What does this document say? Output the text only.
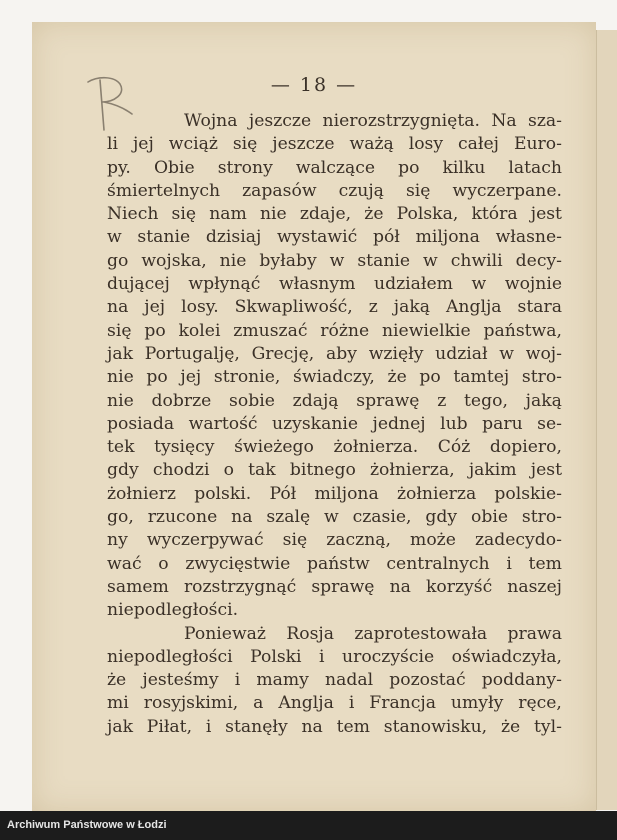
— 18 —
Wojna jeszcze nierozstrzygnięta. Na sza-
li jej wciąż się jeszcze ważą losy całej Euro-
py. Obie strony walczące po kilku latach
śmiertelnych zapasów czują się wyczerpane.
Niech się nam nie zdaje, że Polska, która jest
w stanie dzisiaj wystawić pół miljona własne-
go wojska, nie byłaby w stanie w chwili decy-
dującej wpłynąć własnym udziałem w wojnie
na jej losy. Skwapliwość, z jaką Anglja stara
się po kolei zmuszać różne niewielkie państwa,
jak Portugalję, Grecję, aby wzięły udział w woj-
nie po jej stronie, świadczy, że po tamtej stro-
nie dobrze sobie zdają sprawę z tego, jaką
posiada wartość uzyskanie jednej lub paru se-
tek tysięcy świeżego żołnierza. Cóż dopiero,
gdy chodzi o tak bitnego żołnierza, jakim jest
żołnierz polski. Pół miljona żołnierza polskie-
go, rzucone na szalę w czasie, gdy obie stro-
ny wyczerpywać się zaczną, może zadecydo-
wać o zwycięstwie państw centralnych i tem
samem rozstrzygnąć sprawę na korzyść naszej
niepodległości.
Ponieważ Rosja zaprotestowała prawa
niepodległości Polski i uroczyście oświadczyła,
że jesteśmy i mamy nadal pozostać poddany-
mi rosyjskimi, a Anglja i Francja umyły ręce,
jak Piłat, i stanęły na tem stanowisku, że tyl-
Archiwum Państwowe w Łodzi
